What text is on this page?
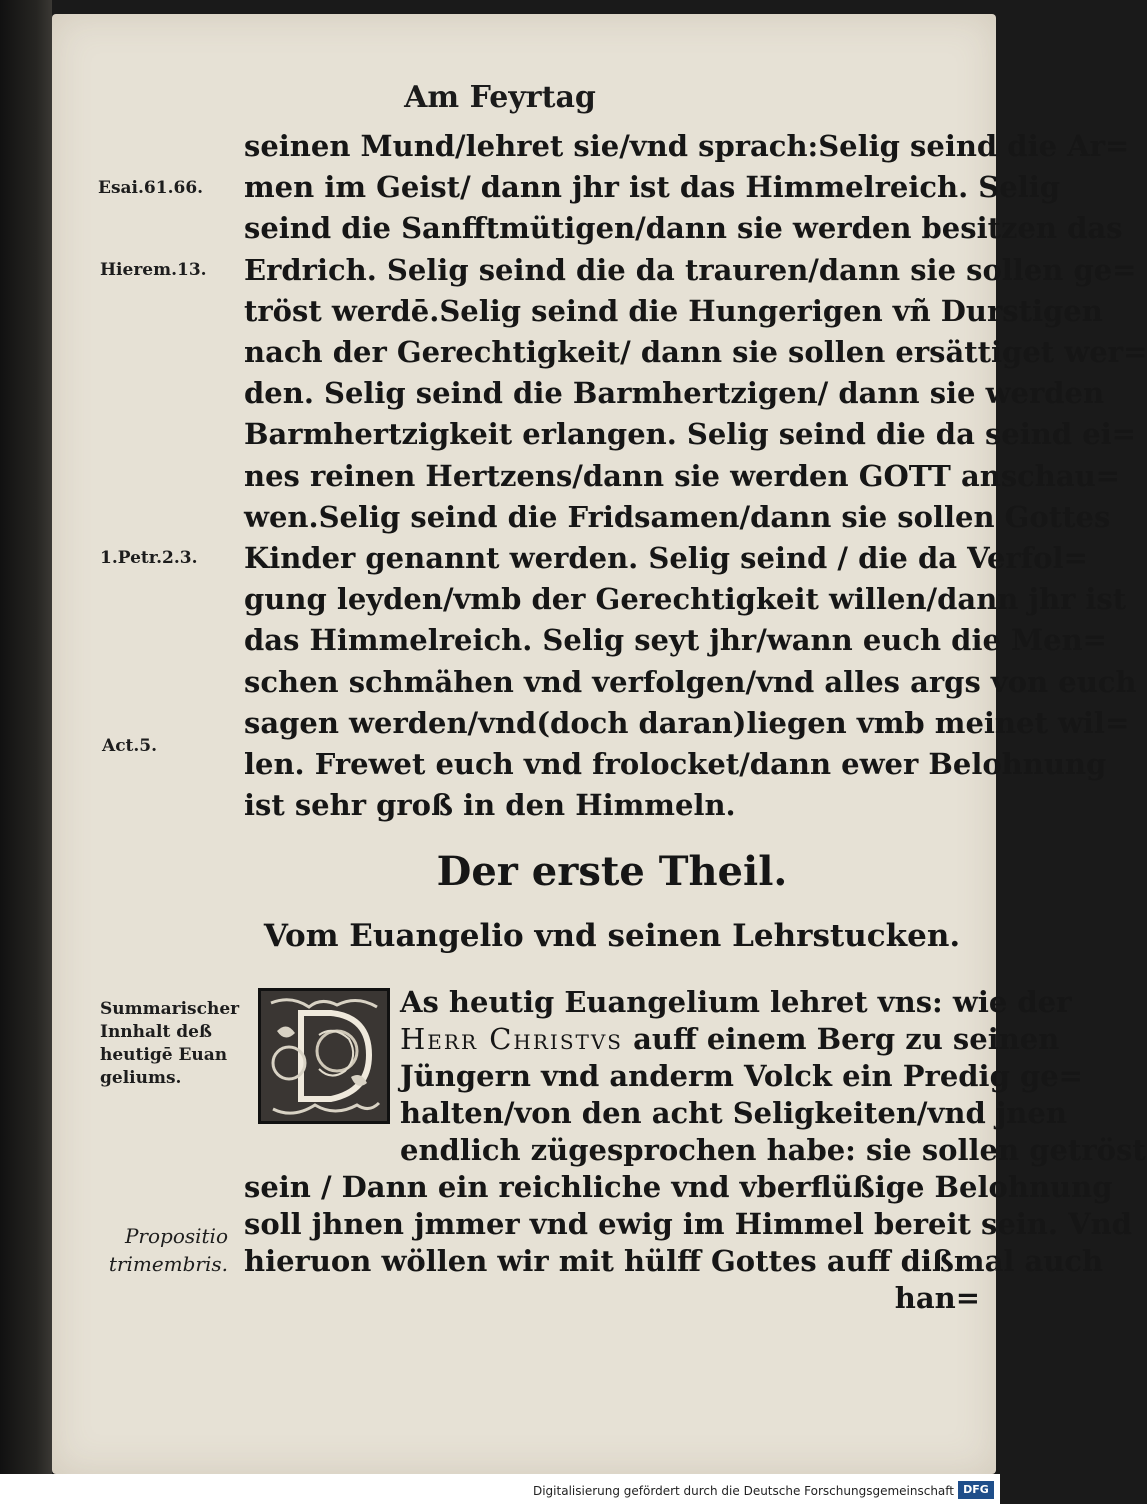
Am Feyrtag
seinen Mund/lehret sie/vnd sprach:Selig seind die Ar=
men im Geist/ dann jhr ist das Himmelreich. Selig
seind die Sanfftmütigen/dann sie werden besitzen das
Erdrich. Selig seind die da trauren/dann sie sollen ge=
tröst werdē.Selig seind die Hungerigen vñ Durstigen
nach der Gerechtigkeit/ dann sie sollen ersättiget wer=
den. Selig seind die Barmhertzigen/ dann sie werden
Barmhertzigkeit erlangen. Selig seind die da seind ei=
nes reinen Hertzens/dann sie werden GOTT anschau=
wen.Selig seind die Fridsamen/dann sie sollen Gottes
Kinder genannt werden. Selig seind / die da Verfol=
gung leyden/vmb der Gerechtigkeit willen/dann jhr ist
das Himmelreich. Selig seyt jhr/wann euch die Men=
schen schmähen vnd verfolgen/vnd alles args von euch
sagen werden/vnd(doch daran)liegen vmb meinet wil=
len. Frewet euch vnd frolocket/dann ewer Belohnung
ist sehr groß in den Himmeln.
Esai.61.66.
Hierem.13.
1.Petr.2.3.
Act.5.
Der erste Theil.
Vom Euangelio vnd seinen Lehrstucken.
Summarischer
Innhalt deß
heutigē Euan
geliums.
As heutig Euangelium lehret vns: wie der
Herr Christvs auff einem Berg zu seinen
Jüngern vnd anderm Volck ein Predig ge=
halten/von den acht Seligkeiten/vnd jnen
endlich zügesprochen habe: sie sollen getröst
sein / Dann ein reichliche vnd vberflüßige Belohnung
soll jhnen jmmer vnd ewig im Himmel bereit sein. Vnd
hieruon wöllen wir mit hülff Gottes auff dißmal auch
han=
Propositio
trimembris.
Digitalisierung gefördert durch die Deutsche Forschungsgemeinschaft DFG
